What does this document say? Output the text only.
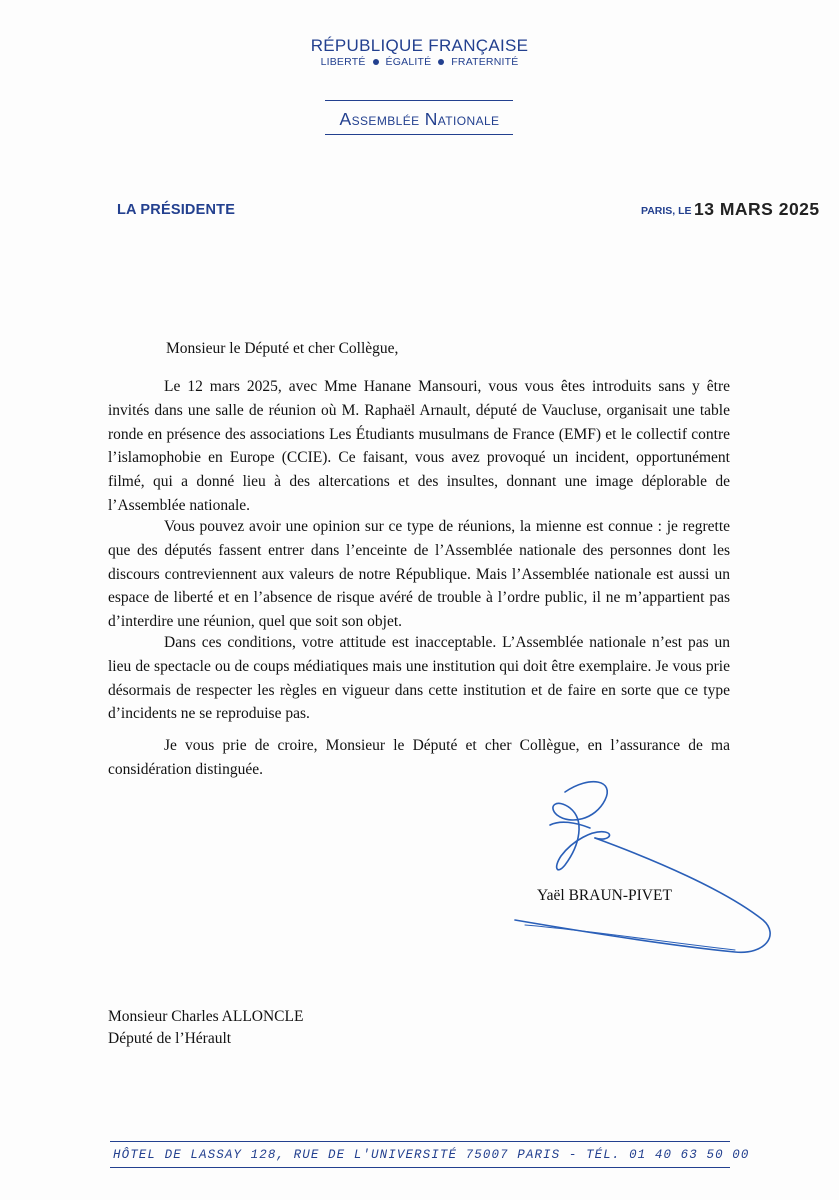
RÉPUBLIQUE FRANÇAISE
LIBERTÉ ÉGALITÉ FRATERNITÉ
Assemblée Nationale
LA PRÉSIDENTE	PARIS, LE 13 MARS 2025
Monsieur le Député et cher Collègue,

Le 12 mars 2025, avec Mme Hanane Mansouri, vous vous êtes introduits sans y être invités dans une salle de réunion où M. Raphaël Arnault, député de Vaucluse, organisait une table ronde en présence des associations Les Étudiants musulmans de France (EMF) et le collectif contre l’islamophobie en Europe (CCIE). Ce faisant, vous avez provoqué un incident, opportunément filmé, qui a donné lieu à des altercations et des insultes, donnant une image déplorable de l’Assemblée nationale.

Vous pouvez avoir une opinion sur ce type de réunions, la mienne est connue : je regrette que des députés fassent entrer dans l’enceinte de l’Assemblée nationale des personnes dont les discours contreviennent aux valeurs de notre République. Mais l’Assemblée nationale est aussi un espace de liberté et en l’absence de risque avéré de trouble à l’ordre public, il ne m’appartient pas d’interdire une réunion, quel que soit son objet.

Dans ces conditions, votre attitude est inacceptable. L’Assemblée nationale n’est pas un lieu de spectacle ou de coups médiatiques mais une institution qui doit être exemplaire. Je vous prie désormais de respecter les règles en vigueur dans cette institution et de faire en sorte que ce type d’incidents ne se reproduise pas.

Je vous prie de croire, Monsieur le Député et cher Collègue, en l’assurance de ma considération distinguée.

Yaël BRAUN-PIVET
Monsieur Charles ALLONCLE
Député de l’Hérault
HÔTEL DE LASSAY 128, RUE DE L'UNIVERSITÉ 75007 PARIS - TÉL. 01 40 63 50 00
